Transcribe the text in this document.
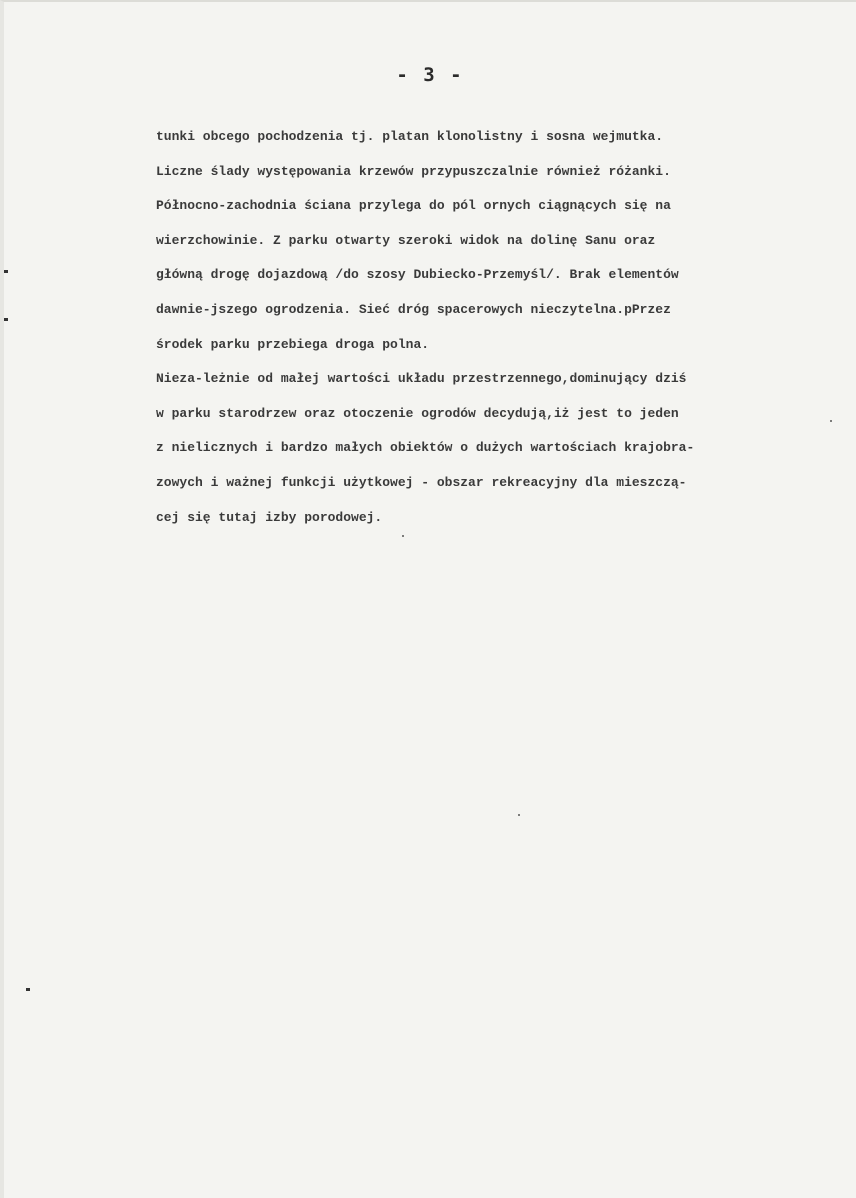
- 3 -
tunki obcego pochodzenia tj. platan klonolistny i sosna wejmutka.
Liczne ślady występowania krzewów przypuszczalnie również różanki.
Północno-zachodnia ściana przylega do pól ornych ciągnących się na
wierzchowinie. Z parku otwarty szeroki widok na dolinę Sanu oraz
główną drogę dojazdową /do szosy Dubiecko-Przemyśl/. Brak elementów
dawnie-jszego ogrodzenia. Sieć dróg spacerowych nieczytelna.pPrzez
środek parku przebiega droga polna.
Nieza-leżnie od małej wartości układu przestrzennego,dominujący dziś
w parku starodrzew oraz otoczenie ogrodów decydują,iż jest to jeden
z nielicznych i bardzo małych obiektów o dużych wartościach krajobra-
zowych i ważnej funkcji użytkowej - obszar rekreacyjny dla mieszczą-
cej się tutaj izby porodowej.
